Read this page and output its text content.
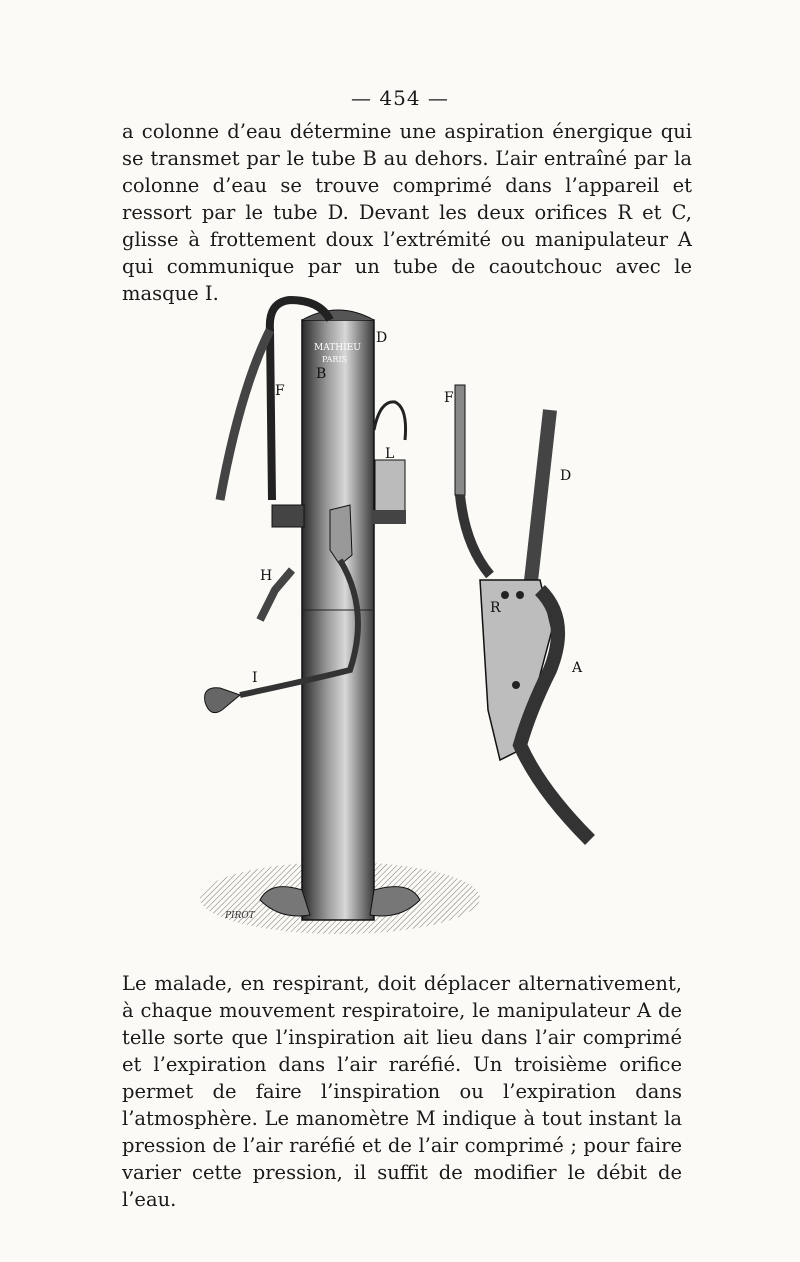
— 454 —
a colonne d’eau détermine une aspiration énergique qui se transmet par le tube B au dehors. L’air entraîné par la colonne d’eau se trouve comprimé dans l’appareil et ressort par le tube D. Devant les deux orifices R et C, glisse à frottement doux l’extrémité ou manipulateur A qui communique par un tube de caoutchouc avec le masque I.
PIROT
MATHIEU
PARIS
F
B
D
L
H
I
F
D
R
A
Le malade, en respirant, doit déplacer alternativement, à chaque mouvement respiratoire, le manipulateur A de telle sorte que l’inspiration ait lieu dans l’air comprimé et l’expiration dans l’air raréfié. Un troisième orifice permet de faire l’inspiration ou l’expiration dans l’atmosphère. Le manomètre M indique à tout instant la pression de l’air raréfié et de l’air comprimé ; pour faire varier cette pression, il suffit de modifier le débit de l’eau.
